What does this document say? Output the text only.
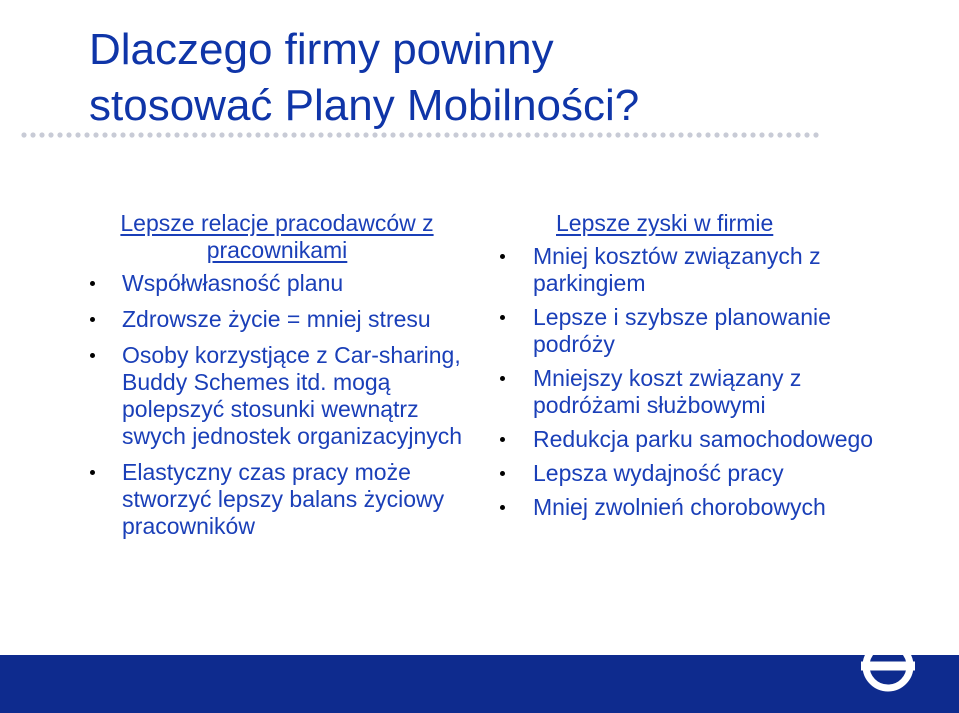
Dlaczego firmy powinny
stosować Plany Mobilności?
Lepsze relacje pracodawców z pracownikami
Współwłasność planu
Zdrowsze życie = mniej stresu
Osoby korzystjące z Car-sharing, Buddy Schemes itd. mogą polepszyć stosunki wewnątrz swych jednostek organizacyjnych
Elastyczny czas pracy może stworzyć lepszy balans życiowy pracowników
Lepsze zyski w firmie
Mniej kosztów związanych z parkingiem
Lepsze i szybsze planowanie podróży
Mniejszy koszt związany z podróżami służbowymi
Redukcja parku samochodowego
Lepsza wydajność pracy
Mniej zwolnień chorobowych
